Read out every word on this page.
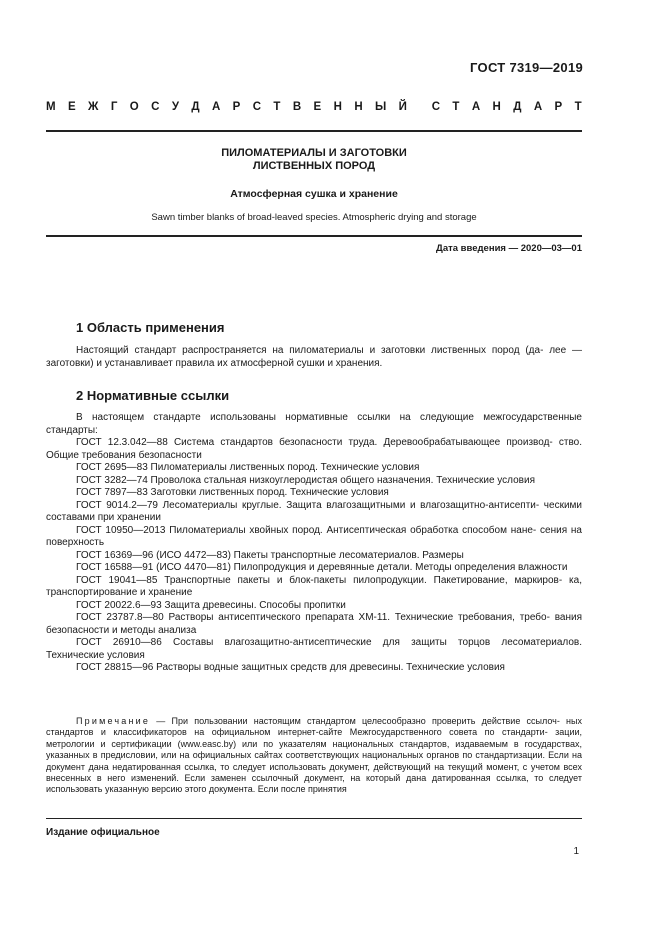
ГОСТ 7319—2019
М Е Ж Г О С У Д А Р С Т В Е Н Н Ы Й С Т А Н Д А Р Т
ПИЛОМАТЕРИАЛЫ И ЗАГОТОВКИ
ЛИСТВЕННЫХ ПОРОД
Атмосферная сушка и хранение
Sawn timber blanks of broad-leaved species. Atmospheric drying and storage
Дата введения — 2020—03—01
1 Область применения
Настоящий стандарт распространяется на пиломатериалы и заготовки лиственных пород (да- лее — заготовки) и устанавливает правила их атмосферной сушки и хранения.
2 Нормативные ссылки
В настоящем стандарте использованы нормативные ссылки на следующие межгосударственные стандарты:
ГОСТ 12.3.042—88 Система стандартов безопасности труда. Деревообрабатывающее производ- ство. Общие требования безопасности
ГОСТ 2695—83 Пиломатериалы лиственных пород. Технические условия
ГОСТ 3282—74 Проволока стальная низкоуглеродистая общего назначения. Технические условия
ГОСТ 7897—83 Заготовки лиственных пород. Технические условия
ГОСТ 9014.2—79 Лесоматериалы круглые. Защита влагозащитными и влагозащитно-антисепти- ческими составами при хранении
ГОСТ 10950—2013 Пиломатериалы хвойных пород. Антисептическая обработка способом нане- сения на поверхность
ГОСТ 16369—96 (ИСО 4472—83) Пакеты транспортные лесоматериалов. Размеры
ГОСТ 16588—91 (ИСО 4470—81) Пилопродукция и деревянные детали. Методы определения влажности
ГОСТ 19041—85 Транспортные пакеты и блок-пакеты пилопродукции. Пакетирование, маркиров- ка, транспортирование и хранение
ГОСТ 20022.6—93 Защита древесины. Способы пропитки
ГОСТ 23787.8—80 Растворы антисептического препарата ХМ-11. Технические требования, требо- вания безопасности и методы анализа
ГОСТ 26910—86 Составы влагозащитно-антисептические для защиты торцов лесоматериалов. Технические условия
ГОСТ 28815—96 Растворы водные защитных средств для древесины. Технические условия
Примечание — При пользовании настоящим стандартом целесообразно проверить действие ссылоч- ных стандартов и классификаторов на официальном интернет-сайте Межгосударственного совета по стандарти- зации, метрологии и сертификации (www.easc.by) или по указателям национальных стандартов, издаваемым в государствах, указанных в предисловии, или на официальных сайтах соответствующих национальных органов по стандартизации. Если на документ дана недатированная ссылка, то следует использовать документ, действующий на текущий момент, с учетом всех внесенных в него изменений. Если заменен ссылочный документ, на который дана датированная ссылка, то следует использовать указанную версию этого документа. Если после принятия
Издание официальное
1
